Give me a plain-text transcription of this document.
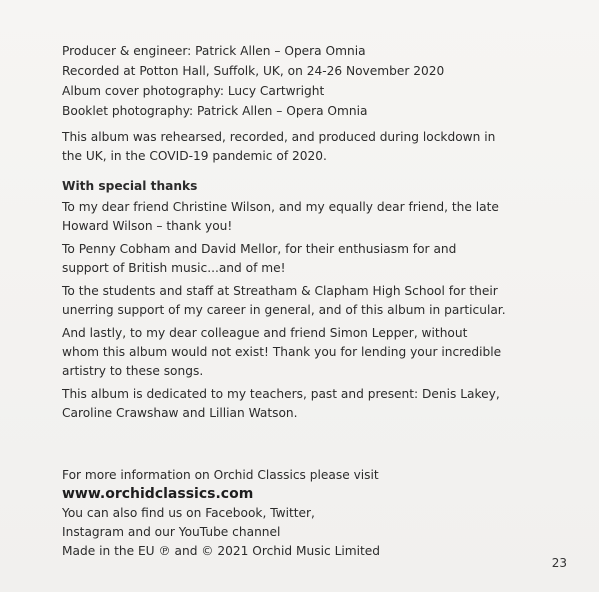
Producer & engineer: Patrick Allen – Opera Omnia
Recorded at Potton Hall, Suffolk, UK, on 24-26 November 2020
Album cover photography: Lucy Cartwright
Booklet photography: Patrick Allen – Opera Omnia
This album was rehearsed, recorded, and produced during lockdown in
the UK, in the COVID-19 pandemic of 2020.
With special thanks

To my dear friend Christine Wilson, and my equally dear friend, the late
Howard Wilson – thank you!

To Penny Cobham and David Mellor, for their enthusiasm for and
support of British music...and of me!

To the students and staff at Streatham & Clapham High School for their
unerring support of my career in general, and of this album in particular.

And lastly, to my dear colleague and friend Simon Lepper, without
whom this album would not exist! Thank you for lending your incredible
artistry to these songs.

This album is dedicated to my teachers, past and present: Denis Lakey,
Caroline Crawshaw and Lillian Watson.

For more information on Orchid Classics please visit
www.orchidclassics.com
You can also find us on Facebook, Twitter,
Instagram and our YouTube channel
Made in the EU ℗ and © 2021 Orchid Music Limited
23
